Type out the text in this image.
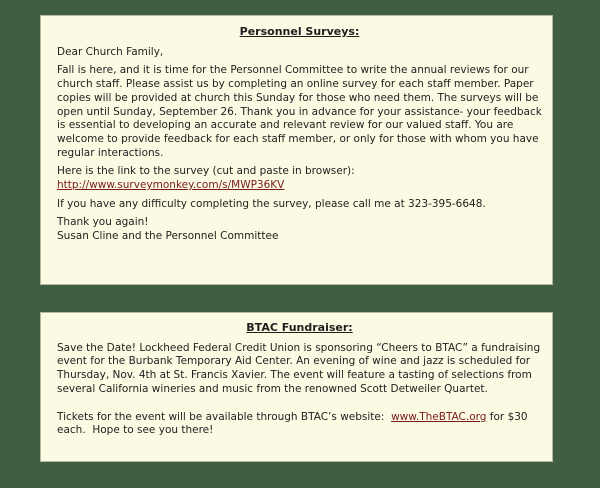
Personnel Surveys:
Dear Church Family,
Fall is here, and it is time for the Personnel Committee to write the annual reviews for our church staff. Please assist us by completing an online survey for each staff member. Paper copies will be provided at church this Sunday for those who need them. The surveys will be open until Sunday, September 26. Thank you in advance for your assistance- your feedback is essential to developing an accurate and relevant review for our valued staff. You are welcome to provide feedback for each staff member, or only for those with whom you have regular interactions.
Here is the link to the survey (cut and paste in browser):
http://www.surveymonkey.com/s/MWP36KV
If you have any difficulty completing the survey, please call me at 323-395-6648.
Thank you again!
Susan Cline and the Personnel Committee
BTAC Fundraiser:
Save the Date! Lockheed Federal Credit Union is sponsoring “Cheers to BTAC” a fundraising event for the Burbank Temporary Aid Center. An evening of wine and jazz is scheduled for Thursday, Nov. 4th at St. Francis Xavier. The event will feature a tasting of selections from several California wineries and music from the renowned Scott Detweiler Quartet.
Tickets for the event will be available through BTAC’s website:  www.TheBTAC.org for $30 each.  Hope to see you there!
